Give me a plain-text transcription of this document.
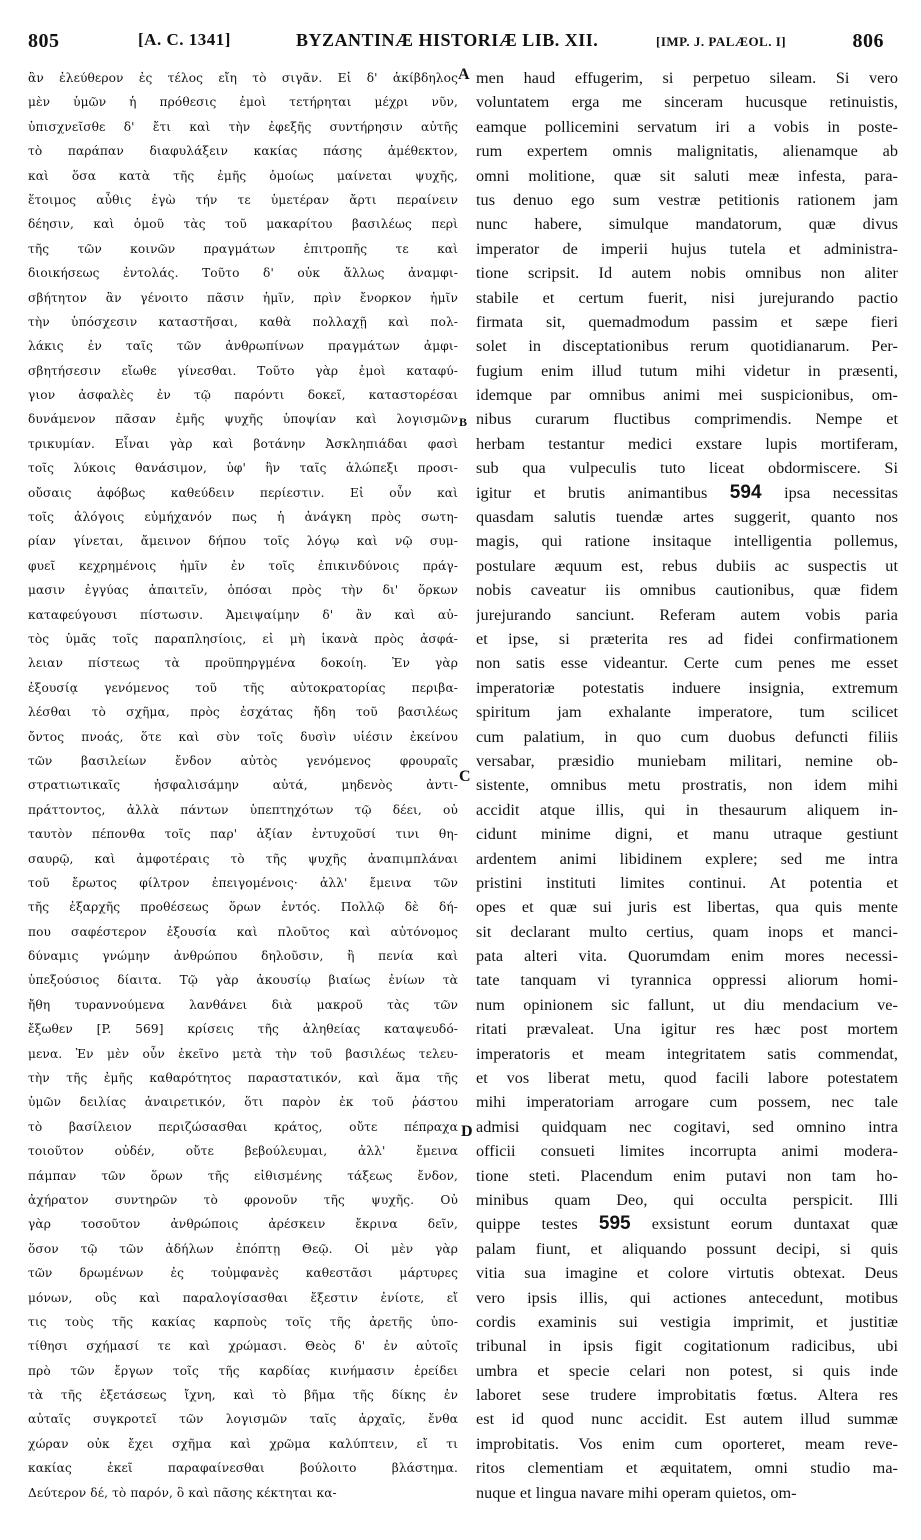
805	[A. C. 1341]	BYZANTINÆ HISTORIÆ LIB. XII.	[IMP. J. PALÆOL. I]	806
ἂν ἐλεύθερον ἐς τέλος εἴη τὸ σιγᾶν. Εἰ δ' ἀκίβδηλος
μὲν ὑμῶν ἡ πρόθεσις ἐμοὶ τετήρηται μέχρι νῦν,
ὑπισχνεῖσθε δ' ἔτι καὶ τὴν ἐφεξῆς συντήρησιν αὐτῆς
τὸ παράπαν διαφυλάξειν κακίας πάσης ἀμέθεκτον,
καὶ ὅσα κατὰ τῆς ἐμῆς ὁμοίως μαίνεται ψυχῆς,
ἕτοιμος αὖθις ἐγὼ τήν τε ὑμετέραν ἄρτι περαίνειν
δέησιν, καὶ ὁμοῦ τὰς τοῦ μακαρίτου βασιλέως περὶ
τῆς τῶν κοινῶν πραγμάτων ἐπιτροπῆς τε καὶ
διοικήσεως ἐντολάς. Τοῦτο δ' οὐκ ἄλλως ἀναμφι-
σβήτητον ἂν γένοιτο πᾶσιν ἡμῖν, πρὶν ἔνορκον ἡμῖν
τὴν ὑπόσχεσιν καταστῆσαι, καθὰ πολλαχῇ καὶ πολ-
λάκις ἐν ταῖς τῶν ἀνθρωπίνων πραγμάτων ἀμφι-
σβητήσεσιν εἴωθε γίνεσθαι. Τοῦτο γὰρ ἐμοὶ καταφύ-
γιον ἀσφαλὲς ἐν τῷ παρόντι δοκεῖ, καταστορέσαι
δυνάμενον πᾶσαν ἐμῆς ψυχῆς ὑποψίαν καὶ λογισμῶν
τρικυμίαν. Εἶναι γὰρ καὶ βοτάνην Ἀσκληπιάδαι φασὶ
τοῖς λύκοις θανάσιμον, ὑφ' ἣν ταῖς ἀλώπεξι προσι-
οὔσαις ἀφόβως καθεύδειν περίεστιν. Εἰ οὖν καὶ
τοῖς ἀλόγοις εὐμήχανόν πως ἡ ἀνάγκη πρὸς σωτη-
ρίαν γίνεται, ἄμεινον δήπου τοῖς λόγῳ καὶ νῷ συμ-
φυεῖ κεχρημένοις ἡμῖν ἐν τοῖς ἐπικινδύνοις πράγ-
μασιν ἐγγύας ἀπαιτεῖν, ὁπόσαι πρὸς τὴν δι' ὅρκων
καταφεύγουσι πίστωσιν. Ἀμειψαίμην δ' ἂν καὶ αὐ-
τὸς ὑμᾶς τοῖς παραπλησίοις, εἰ μὴ ἱκανὰ πρὸς ἀσφά-
λειαν πίστεως τὰ προϋπηργμένα δοκοίη. Ἐν γὰρ
ἐξουσίᾳ γενόμενος τοῦ τῆς αὐτοκρατορίας περιβα-
λέσθαι τὸ σχῆμα, πρὸς ἐσχάτας ἤδη τοῦ βασιλέως
ὄντος πνοάς, ὅτε καὶ σὺν τοῖς δυσὶν υἱέσιν ἐκείνου
τῶν βασιλείων ἔνδον αὐτὸς γενόμενος φρουραῖς
στρατιωτικαῖς ἠσφαλισάμην αὐτά, μηδενὸς ἀντι-
πράττοντος, ἀλλὰ πάντων ὑπεπτηχότων τῷ δέει, οὐ
ταυτὸν πέπονθα τοῖς παρ' ἀξίαν ἐντυχοῦσί τινι θη-
σαυρῷ, καὶ ἀμφοτέραις τὸ τῆς ψυχῆς ἀναπιμπλάναι
τοῦ ἔρωτος φίλτρον ἐπειγομένοις· ἀλλ' ἔμεινα τῶν
τῆς ἐξαρχῆς προθέσεως ὅρων ἐντός. Πολλῷ δὲ δή-
που σαφέστερον ἐξουσία καὶ πλοῦτος καὶ αὐτόνομος
δύναμις γνώμην ἀνθρώπου δηλοῦσιν, ἢ πενία καὶ
ὑπεξούσιος δίαιτα. Τῷ γὰρ ἀκουσίῳ βιαίως ἐνίων τὰ
ἤθη τυραννούμενα λανθάνει διὰ μακροῦ τὰς τῶν
ἔξωθεν [P. 569] κρίσεις τῆς ἀληθείας καταψευδό-
μενα. Ἐν μὲν οὖν ἐκεῖνο μετὰ τὴν τοῦ βασιλέως τελευ-
τὴν τῆς ἐμῆς καθαρότητος παραστατικόν, καὶ ἅμα τῆς
ὑμῶν δειλίας ἀναιρετικόν, ὅτι παρὸν ἐκ τοῦ ῥάστου
τὸ βασίλειον περιζώσασθαι κράτος, οὔτε πέπραχα
τοιοῦτον οὐδέν, οὔτε βεβούλευμαι, ἀλλ' ἔμεινα
πάμπαν τῶν ὅρων τῆς εἰθισμένης τάξεως ἔνδον,
ἀχήρατον συντηρῶν τὸ φρονοῦν τῆς ψυχῆς. Οὐ
γὰρ τοσοῦτον ἀνθρώποις ἀρέσκειν ἔκρινα δεῖν,
ὅσον τῷ τῶν ἀδήλων ἐπόπτῃ Θεῷ. Οἱ μὲν γὰρ
τῶν δρωμένων ἐς τοὐμφανὲς καθεστᾶσι μάρτυρες
μόνων, οὓς καὶ παραλογίσασθαι ἔξεστιν ἐνίοτε, εἴ
τις τοὺς τῆς κακίας καρποὺς τοῖς τῆς ἀρετῆς ὑπο-
τίθησι σχήμασί τε καὶ χρώμασι. Θεὸς δ' ἐν αὐτοῖς
πρὸ τῶν ἔργων τοῖς τῆς καρδίας κινήμασιν ἐρείδει
τὰ τῆς ἐξετάσεως ἴχνη, καὶ τὸ βῆμα τῆς δίκης ἐν
αὐταῖς συγκροτεῖ τῶν λογισμῶν ταῖς ἀρχαῖς, ἔνθα
χώραν οὐκ ἔχει σχῆμα καὶ χρῶμα καλύπτειν, εἴ τι
κακίας ἐκεῖ παραφαίνεσθαι βούλοιτο βλάστημα.
Δεύτερον δέ, τὸ παρόν, ὃ καὶ πᾶσης κέκτηται κα-
men haud effugerim, si perpetuo sileam. Si vero
voluntatem erga me sinceram hucusque retinuistis,
eamque pollicemini servatum iri a vobis in poste-
rum expertem omnis malignitatis, alienamque ab
omni molitione, quæ sit saluti meæ infesta, para-
tus denuo ego sum vestræ petitionis rationem jam
nunc habere, simulque mandatorum, quæ divus
imperator de imperii hujus tutela et administra-
tione scripsit. Id autem nobis omnibus non aliter
stabile et certum fuerit, nisi jurejurando pactio
firmata sit, quemadmodum passim et sæpe fieri
solet in disceptationibus rerum quotidianarum. Per-
fugium enim illud tutum mihi videtur in præsenti,
idemque par omnibus animi mei suspicionibus, om-
nibus curarum fluctibus comprimendis. Nempe et
herbam testantur medici exstare lupis mortiferam,
sub qua vulpeculis tuto liceat obdormiscere. Si
igitur et brutis animantibus 594 ipsa necessitas
quasdam salutis tuendæ artes suggerit, quanto nos
magis, qui ratione insitaque intelligentia pollemus,
postulare æquum est, rebus dubiis ac suspectis ut
nobis caveatur iis omnibus cautionibus, quæ fidem
jurejurando sanciunt. Referam autem vobis paria
et ipse, si præterita res ad fidei confirmationem
non satis esse videantur. Certe cum penes me esset
imperatoriæ potestatis induere insignia, extremum
spiritum jam exhalante imperatore, tum scilicet
cum palatium, in quo cum duobus defuncti filiis
versabar, præsidio muniebam militari, nemine ob-
sistente, omnibus metu prostratis, non idem mihi
accidit atque illis, qui in thesaurum aliquem in-
cidunt minime digni, et manu utraque gestiunt
ardentem animi libidinem explere; sed me intra
pristini instituti limites continui. At potentia et
opes et quæ sui juris est libertas, qua quis mente
sit declarant multo certius, quam inops et manci-
pata alteri vita. Quorumdam enim mores necessi-
tate tanquam vi tyrannica oppressi aliorum homi-
num opinionem sic fallunt, ut diu mendacium ve-
ritati prævaleat. Una igitur res hæc post mortem
imperatoris et meam integritatem satis commendat,
et vos liberat metu, quod facili labore potestatem
mihi imperatoriam arrogare cum possem, nec tale
admisi quidquam nec cogitavi, sed omnino intra
officii consueti limites incorrupta animi modera-
tione steti. Placendum enim putavi non tam ho-
minibus quam Deo, qui occulta perspicit. Illi
quippe testes 595 exsistunt eorum duntaxat quæ
palam fiunt, et aliquando possunt decipi, si quis
vitia sua imagine et colore virtutis obtexat. Deus
vero ipsis illis, qui actiones antecedunt, motibus
cordis examinis sui vestigia imprimit, et justitiæ
tribunal in ipsis figit cogitationum radicibus, ubi
umbra et specie celari non potest, si quis inde
laboret sese trudere improbitatis fœtus. Altera res
est id quod nunc accidit. Est autem illud summæ
improbitatis. Vos enim cum oporteret, meam reve-
ritos clementiam et æquitatem, omni studio ma-
nuque et lingua navare mihi operam quietos, om-
A
B
C
D
